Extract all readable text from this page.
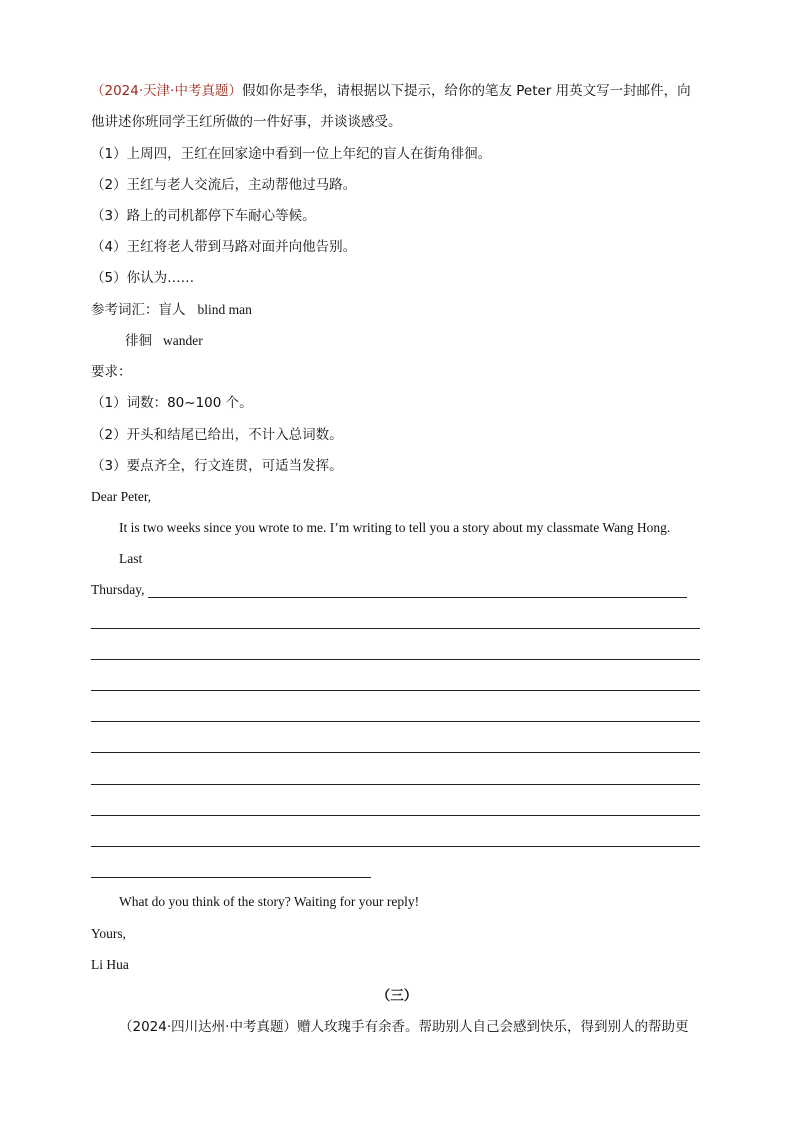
（2024·天津·中考真题）假如你是李华，请根据以下提示，给你的笔友 Peter 用英文写一封邮件，向
他讲述你班同学王红所做的一件好事，并谈谈感受。
（1）上周四，王红在回家途中看到一位上年纪的盲人在街角徘徊。
（2）王红与老人交流后，主动帮他过马路。
（3）路上的司机都停下车耐心等候。
（4）王红将老人带到马路对面并向他告别。
（5）你认为……
参考词汇：盲人 blind man
徘徊 wander
要求：
（1）词数：80~100 个。
（2）开头和结尾已给出，不计入总词数。
（3）要点齐全，行文连贯，可适当发挥。
Dear Peter,
It is two weeks since you wrote to me. I’m writing to tell you a story about my classmate Wang Hong.
Last
Thursday,
What do you think of the story? Waiting for your reply!
Yours,
Li Hua
（三）
（2024·四川达州·中考真题）赠人玫瑰手有余香。帮助别人自己会感到快乐，得到别人的帮助更
